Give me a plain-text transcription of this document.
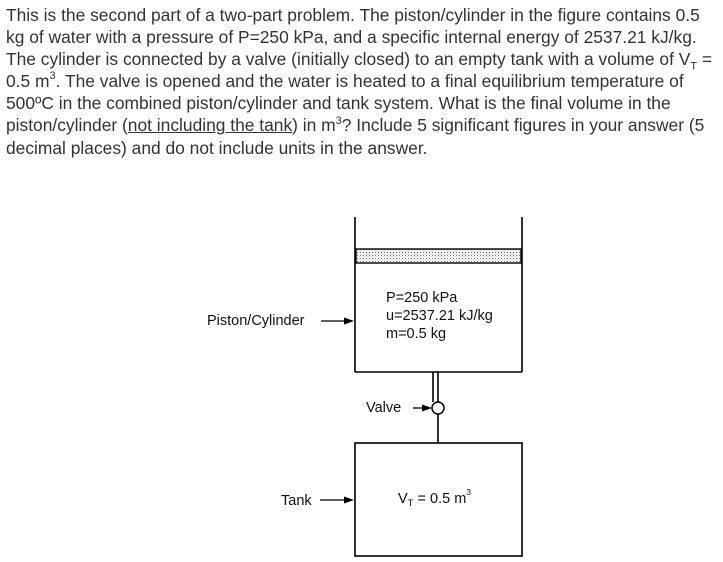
This is the second part of a two-part problem. The piston/cylinder in the figure contains 0.5 kg of water with a pressure of P=250 kPa, and a specific internal energy of 2537.21 kJ/kg. The cylinder is connected by a valve (initially closed) to an empty tank with a volume of $V_T = 0.5$ $m^3$. The valve is opened and the water is heated to a final equilibrium temperature of 500ºC in the combined piston/cylinder and tank system. What is the final volume in the piston/cylinder (not including the tank) in $m^3$? Include 5 significant figures in your answer (5 decimal places) and do not include units in the answer.
P=250 kPa
u=2537.21 kJ/kg
m=0.5 kg
Piston/Cylinder
Valve
$V_T = 0.5$ $m^3$
Tank
